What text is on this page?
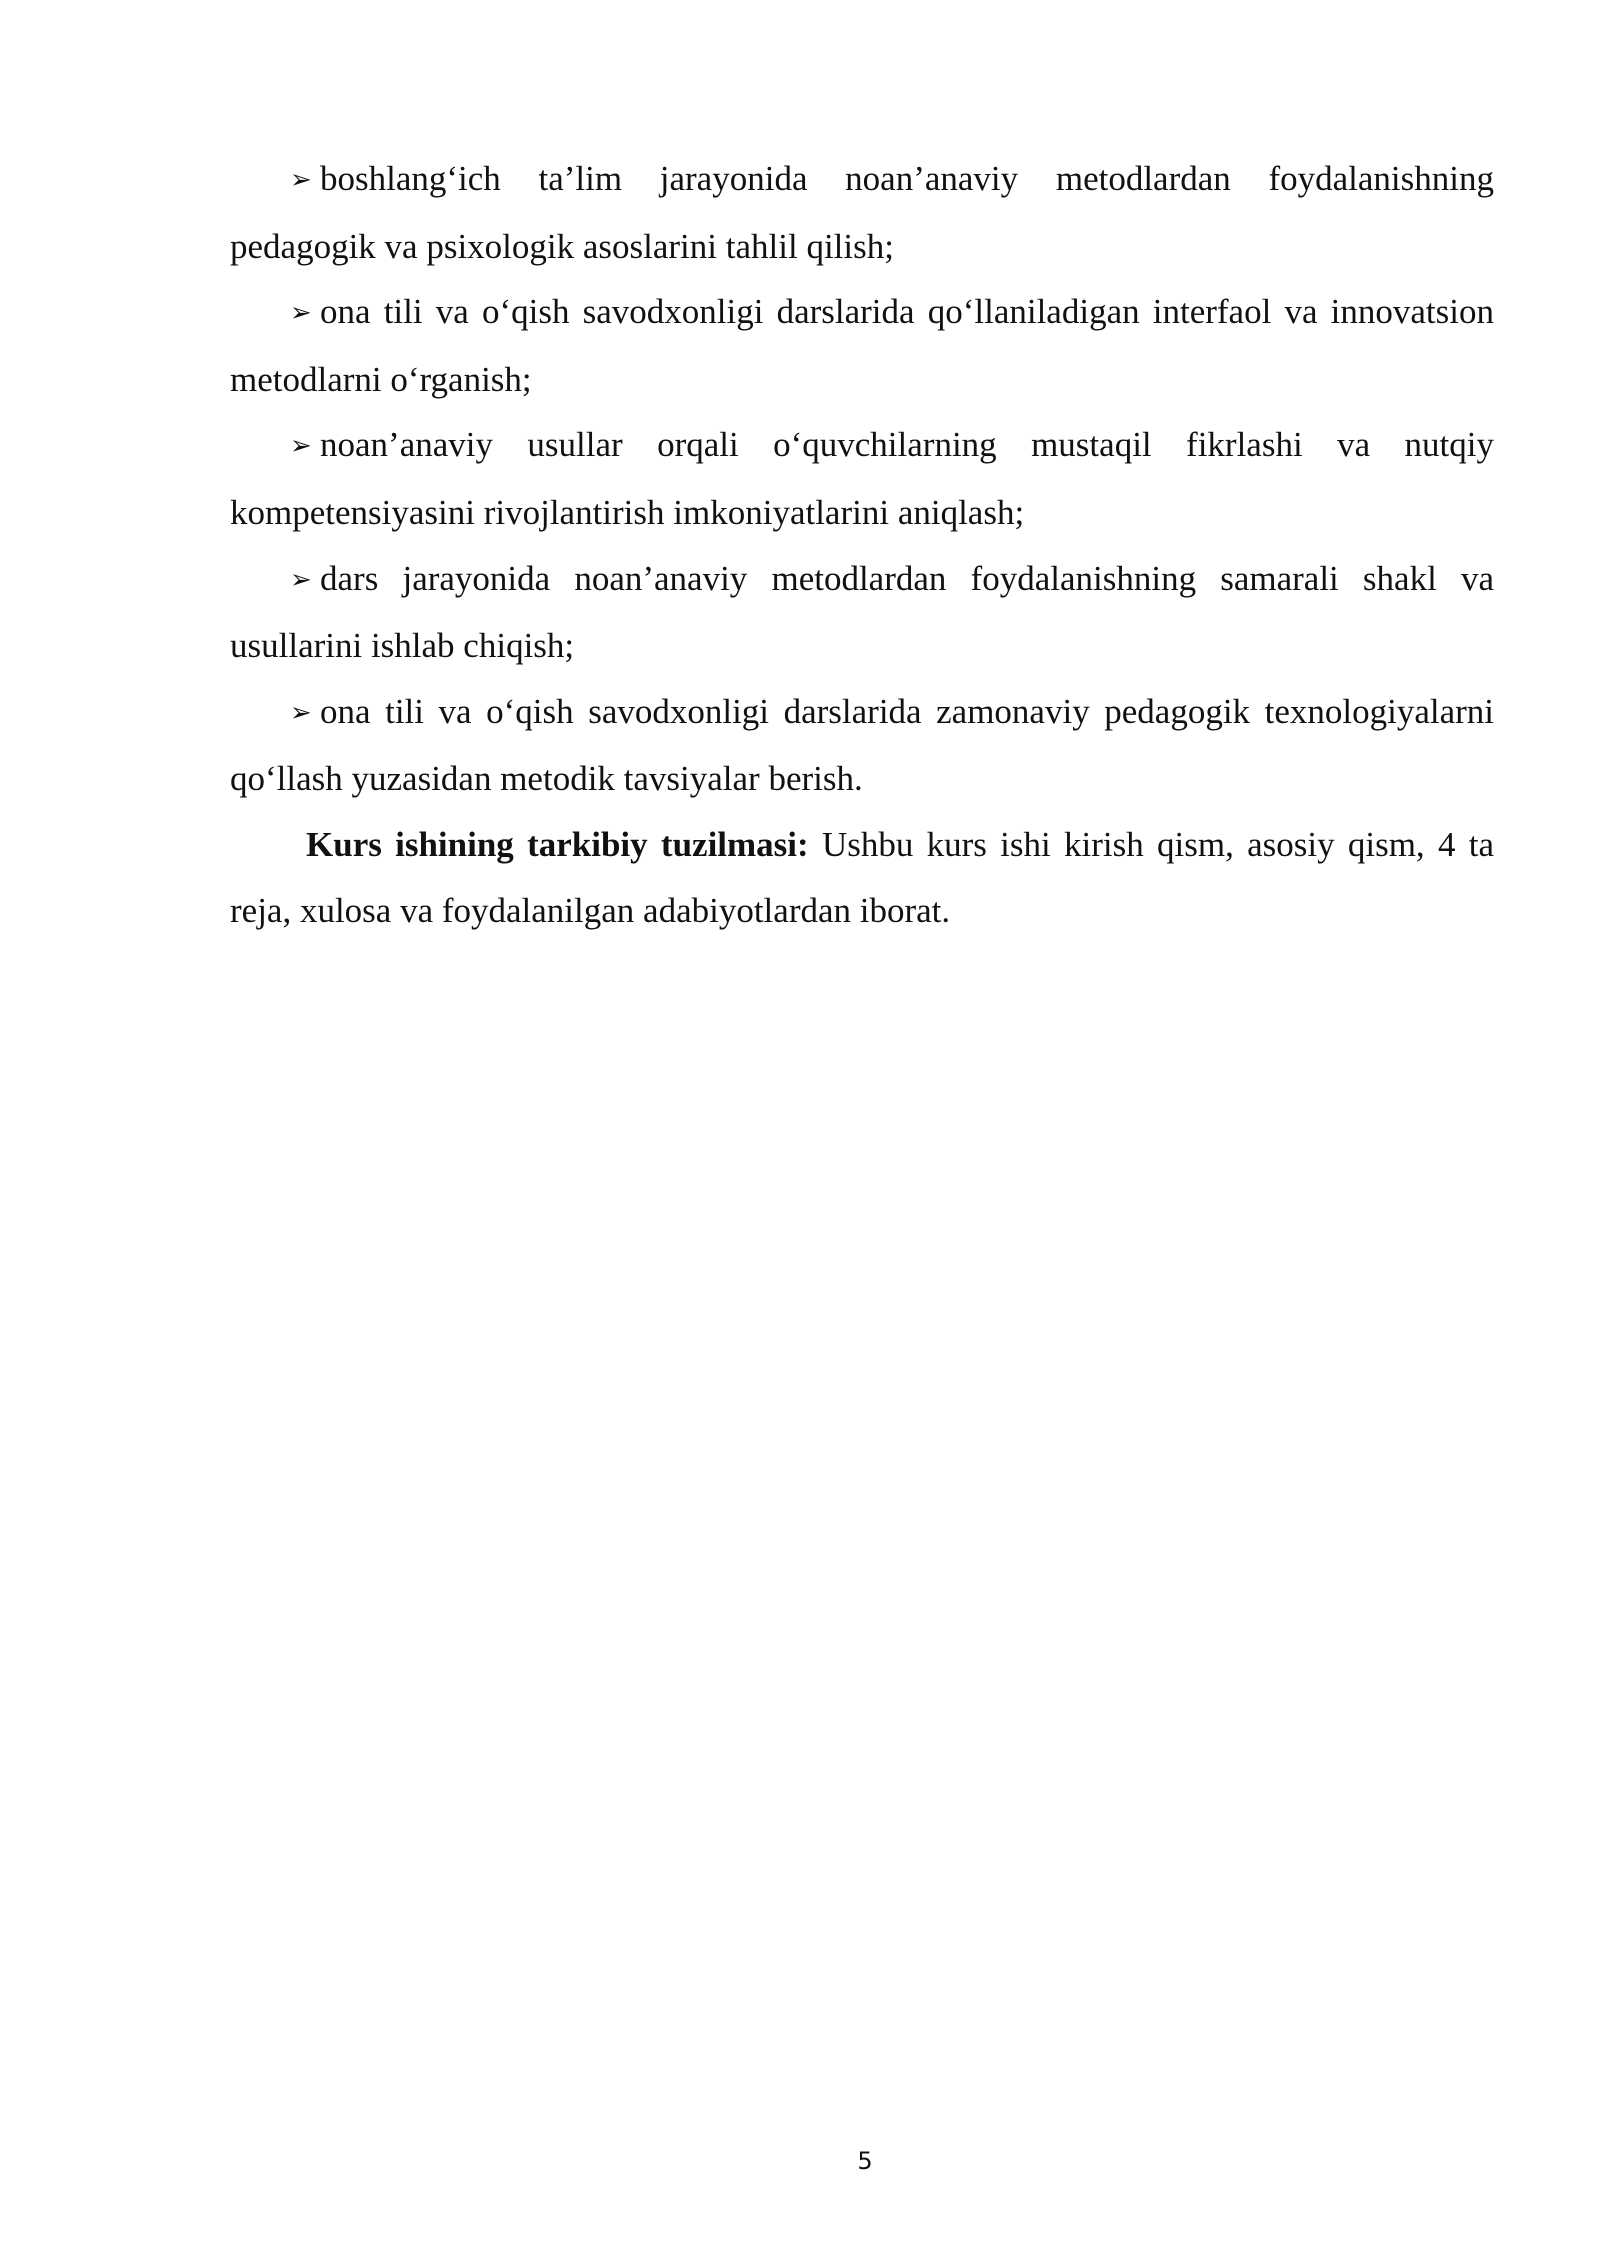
➢ boshlang‘ich ta’lim jarayonida noan’anaviy metodlardan foydalanishning pedagogik va psixologik asoslarini tahlil qilish;

➢ ona tili va o‘qish savodxonligi darslarida qo‘llaniladigan interfaol va innovatsion metodlarni o‘rganish;

➢ noan’anaviy usullar orqali o‘quvchilarning mustaqil fikrlashi va nutqiy kompetensiyasini rivojlantirish imkoniyatlarini aniqlash;

➢ dars jarayonida noan’anaviy metodlardan foydalanishning samarali shakl va usullarini ishlab chiqish;

➢ ona tili va o‘qish savodxonligi darslarida zamonaviy pedagogik texnologiyalarni qo‘llash yuzasidan metodik tavsiyalar berish.

Kurs ishining tarkibiy tuzilmasi: Ushbu kurs ishi kirish qism, asosiy qism, 4 ta reja, xulosa va foydalanilgan adabiyotlardan iborat.

5
